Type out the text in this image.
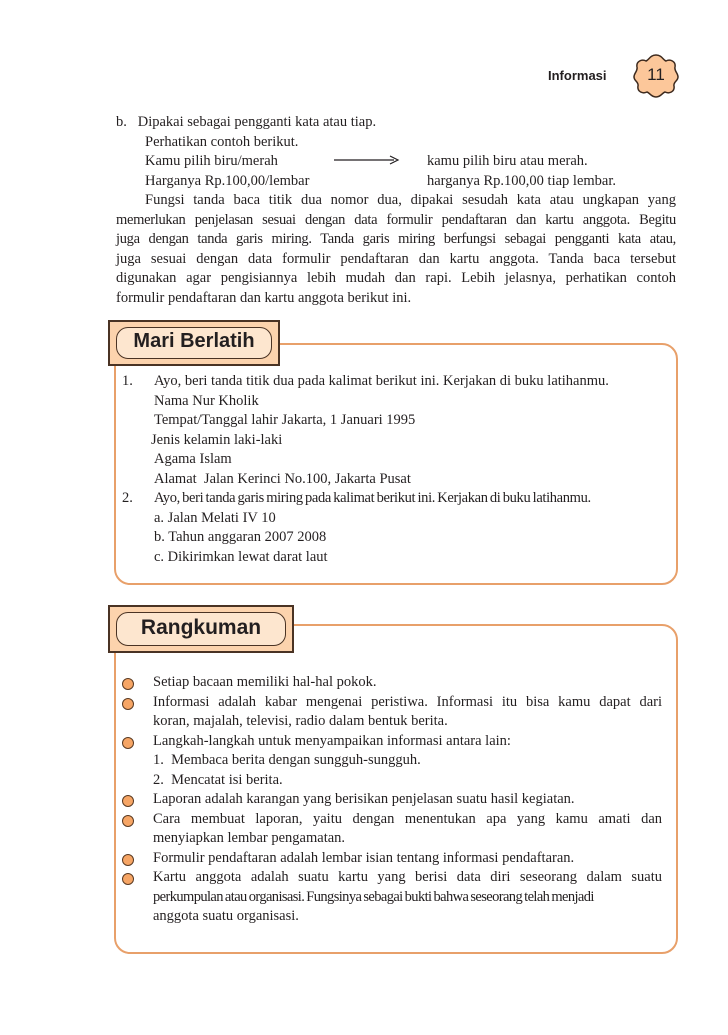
Informasi	11
b.   Dipakai sebagai pengganti kata atau tiap.
Perhatikan contoh berikut.
Kamu pilih biru/merah	kamu pilih biru atau merah.
Harganya Rp.100,00/lembar	harganya Rp.100,00 tiap lembar.
Fungsi tanda baca titik dua nomor dua, dipakai sesudah kata atau ungkapan yang
memerlukan penjelasan sesuai dengan data formulir pendaftaran dan kartu anggota. Begitu
juga dengan tanda garis miring. Tanda garis miring berfungsi sebagai pengganti kata atau,
juga sesuai dengan data formulir pendaftaran dan kartu anggota. Tanda baca tersebut
digunakan agar pengisiannya lebih mudah dan rapi. Lebih jelasnya, perhatikan contoh
formulir pendaftaran dan kartu anggota berikut ini.
Mari Berlatih
1. Ayo, beri tanda titik dua pada kalimat berikut ini. Kerjakan di buku latihanmu.
Nama Nur Kholik
Tempat/Tanggal lahir Jakarta, 1 Januari 1995
Jenis kelamin laki-laki
Agama Islam
Alamat  Jalan Kerinci No.100, Jakarta Pusat
2. Ayo, beri tanda garis miring pada kalimat berikut ini. Kerjakan di buku latihanmu.
a. Jalan Melati IV 10
b. Tahun anggaran 2007 2008
c. Dikirimkan lewat darat laut
Rangkuman
Setiap bacaan memiliki hal-hal pokok.
Informasi adalah kabar mengenai peristiwa. Informasi itu bisa kamu dapat dari
koran, majalah, televisi, radio dalam bentuk berita.
Langkah-langkah untuk menyampaikan informasi antara lain:
1.  Membaca berita dengan sungguh-sungguh.
2.  Mencatat isi berita.
Laporan adalah karangan yang berisikan penjelasan suatu hasil kegiatan.
Cara membuat laporan, yaitu dengan menentukan apa yang kamu amati dan
menyiapkan lembar pengamatan.
Formulir pendaftaran adalah lembar isian tentang informasi pendaftaran.
Kartu anggota adalah suatu kartu yang berisi data diri seseorang dalam suatu
perkumpulan atau organisasi. Fungsinya sebagai bukti bahwa seseorang telah menjadi
anggota suatu organisasi.
